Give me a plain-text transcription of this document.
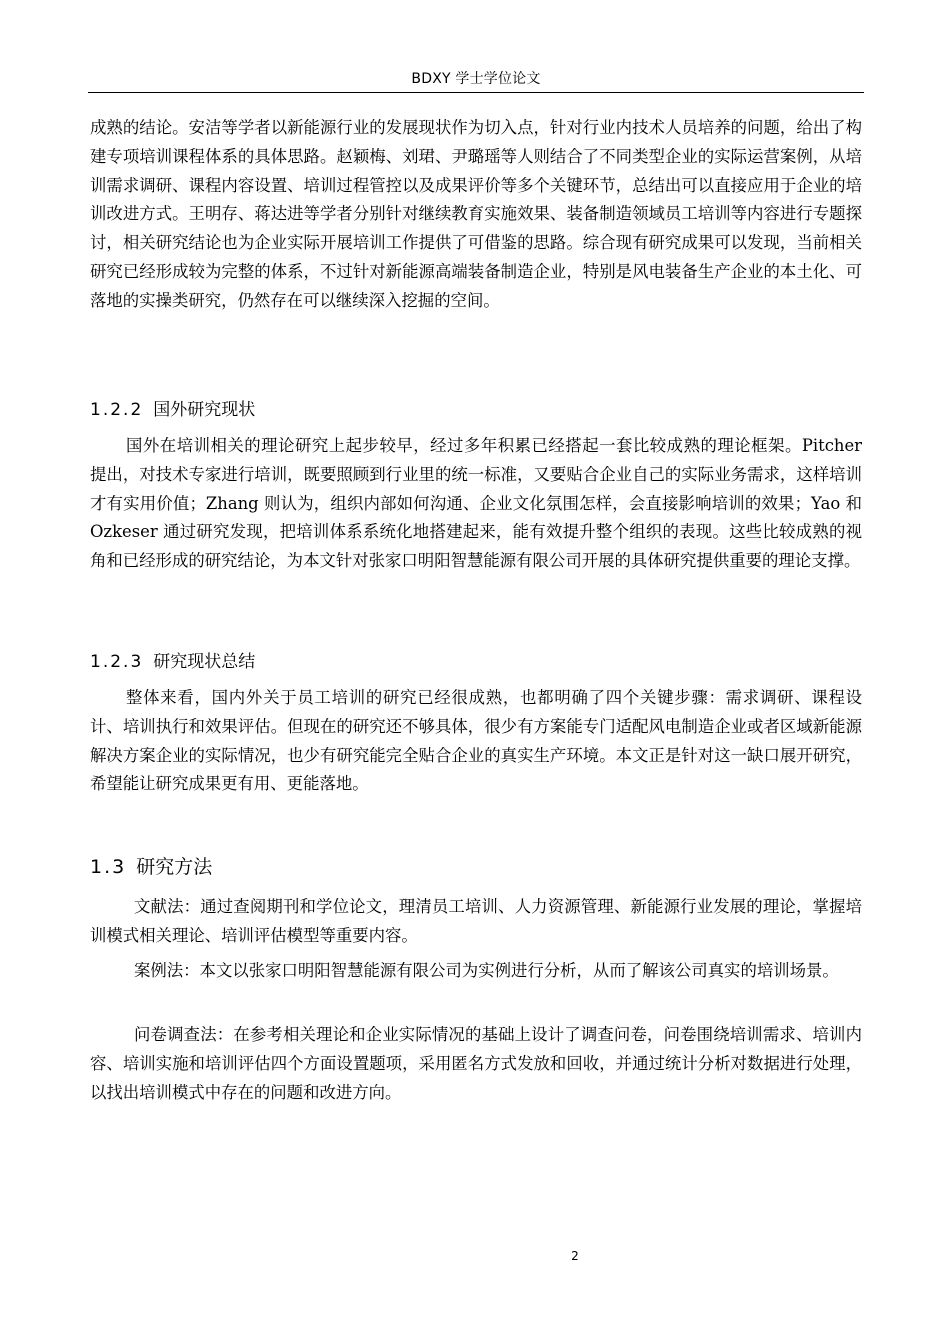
BDXY 学士学位论文

成熟的结论。安洁等学者以新能源行业的发展现状作为切入点，针对行业内技术人员培养的问题，给出了构建专项培训课程体系的具体思路。赵颖梅、刘珺、尹璐瑶等人则结合了不同类型企业的实际运营案例，从培训需求调研、课程内容设置、培训过程管控以及成果评价等多个关键环节，总结出可以直接应用于企业的培训改进方式。王明存、蒋达进等学者分别针对继续教育实施效果、装备制造领域员工培训等内容进行专题探讨，相关研究结论也为企业实际开展培训工作提供了可借鉴的思路。综合现有研究成果可以发现，当前相关研究已经形成较为完整的体系，不过针对新能源高端装备制造企业，特别是风电装备生产企业的本土化、可落地的实操类研究，仍然存在可以继续深入挖掘的空间。

1.2.2 国外研究现状

国外在培训相关的理论研究上起步较早，经过多年积累已经搭起一套比较成熟的理论框架。Pitcher 提出，对技术专家进行培训，既要照顾到行业里的统一标准，又要贴合企业自己的实际业务需求，这样培训才有实用价值；Zhang 则认为，组织内部如何沟通、企业文化氛围怎样，会直接影响培训的效果；Yao 和 Ozkeser 通过研究发现，把培训体系系统化地搭建起来，能有效提升整个组织的表现。这些比较成熟的视角和已经形成的研究结论，为本文针对张家口明阳智慧能源有限公司开展的具体研究提供重要的理论支撑。

1.2.3 研究现状总结

整体来看，国内外关于员工培训的研究已经很成熟，也都明确了四个关键步骤：需求调研、课程设计、培训执行和效果评估。但现在的研究还不够具体，很少有方案能专门适配风电制造企业或者区域新能源解决方案企业的实际情况，也少有研究能完全贴合企业的真实生产环境。本文正是针对这一缺口展开研究，希望能让研究成果更有用、更能落地。

1.3 研究方法

文献法：通过查阅期刊和学位论文，理清员工培训、人力资源管理、新能源行业发展的理论，掌握培训模式相关理论、培训评估模型等重要内容。

案例法：本文以张家口明阳智慧能源有限公司为实例进行分析，从而了解该公司真实的培训场景。

问卷调查法：在参考相关理论和企业实际情况的基础上设计了调查问卷，问卷围绕培训需求、培训内容、培训实施和培训评估四个方面设置题项，采用匿名方式发放和回收，并通过统计分析对数据进行处理，以找出培训模式中存在的问题和改进方向。

2
